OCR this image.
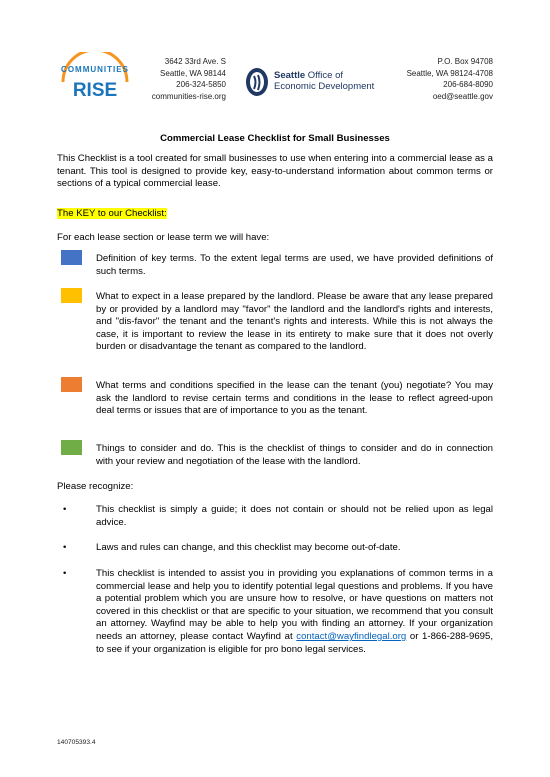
COMMUNITIES
RISE
3642 33rd Ave. S
Seattle, WA 98144
206-324-5850
communities-rise.org
Seattle Office of
Economic Development
P.O. Box 94708
Seattle, WA 98124-4708
206-684-8090
oed@seattle.gov
Commercial Lease Checklist for Small Businesses
This Checklist is a tool created for small businesses to use when entering into a commercial lease as a tenant. This tool is designed to provide key, easy-to-understand information about common terms or sections of a typical commercial lease.
The KEY to our Checklist:
For each lease section or lease term we will have:
Definition of key terms. To the extent legal terms are used, we have provided definitions of such terms.
What to expect in a lease prepared by the landlord. Please be aware that any lease prepared by or provided by a landlord may "favor" the landlord and the landlord's rights and interests, and "dis-favor" the tenant and the tenant's rights and interests. While this is not always the case, it is important to review the lease in its entirety to make sure that it does not overly burden or disadvantage the tenant as compared to the landlord.
What terms and conditions specified in the lease can the tenant (you) negotiate? You may ask the landlord to revise certain terms and conditions in the lease to reflect agreed-upon deal terms or issues that are of importance to you as the tenant.
Things to consider and do. This is the checklist of things to consider and do in connection with your review and negotiation of the lease with the landlord.
Please recognize:
•	This checklist is simply a guide; it does not contain or should not be relied upon as legal advice.
•	Laws and rules can change, and this checklist may become out-of-date.
•	This checklist is intended to assist you in providing you explanations of common terms in a commercial lease and help you to identify potential legal questions and problems. If you have a potential problem which you are unsure how to resolve, or have questions on matters not covered in this checklist or that are specific to your situation, we recommend that you consult an attorney. Wayfind may be able to help you with finding an attorney. If your organization needs an attorney, please contact Wayfind at contact@wayfindlegal.org or 1-866-288-9695, to see if your organization is eligible for pro bono legal services.
140705393.4
